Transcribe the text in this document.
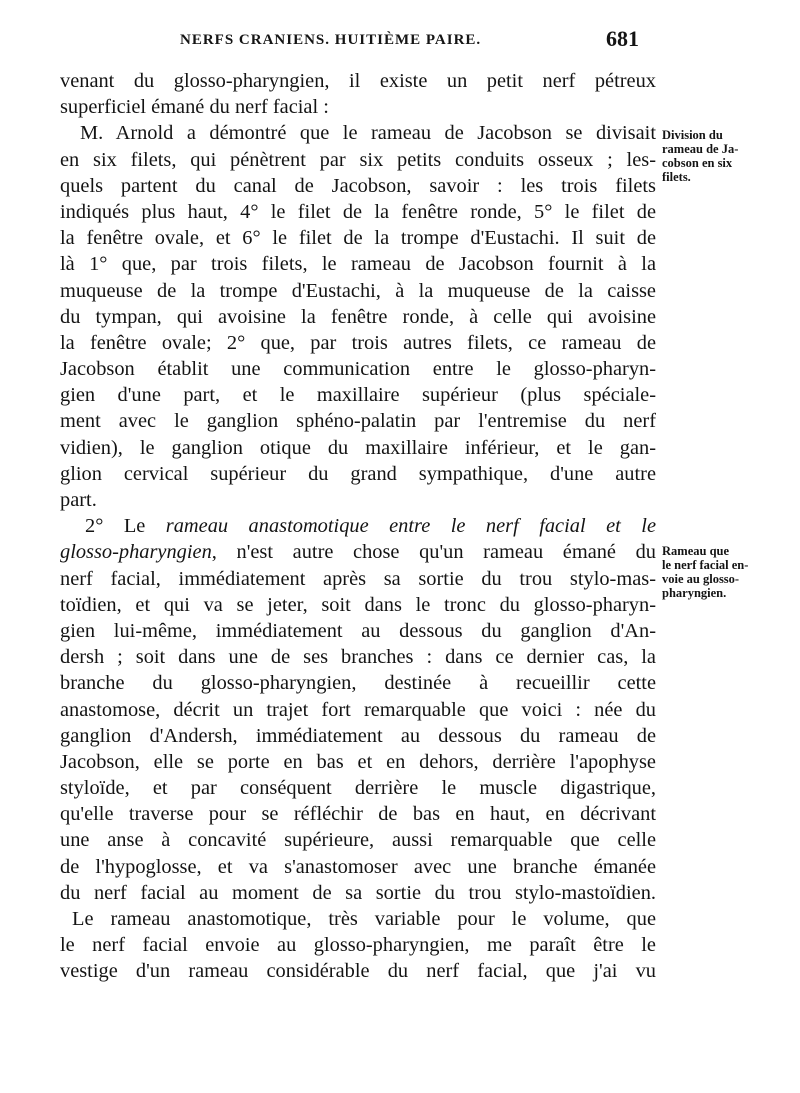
NERFS CRANIENS. HUITIÈME PAIRE.	681
venant du glosso-pharyngien, il existe un petit nerf pétreux
superficiel émané du nerf facial :
M. Arnold a démontré que le rameau de Jacobson se divisait
en six filets, qui pénètrent par six petits conduits osseux ; les-
quels partent du canal de Jacobson, savoir : les trois filets
indiqués plus haut, 4° le filet de la fenêtre ronde, 5° le filet de
la fenêtre ovale, et 6° le filet de la trompe d'Eustachi. Il suit de
là 1° que, par trois filets, le rameau de Jacobson fournit à la
muqueuse de la trompe d'Eustachi, à la muqueuse de la caisse
du tympan, qui avoisine la fenêtre ronde, à celle qui avoisine
la fenêtre ovale; 2° que, par trois autres filets, ce rameau de
Jacobson établit une communication entre le glosso-pharyn-
gien d'une part, et le maxillaire supérieur (plus spéciale-
ment avec le ganglion sphéno-palatin par l'entremise du nerf
vidien), le ganglion otique du maxillaire inférieur, et le gan-
glion cervical supérieur du grand sympathique, d'une autre
part.
2° Le rameau anastomotique entre le nerf facial et le
glosso-pharyngien, n'est autre chose qu'un rameau émané du
nerf facial, immédiatement après sa sortie du trou stylo-mas-
toïdien, et qui va se jeter, soit dans le tronc du glosso-pharyn-
gien lui-même, immédiatement au dessous du ganglion d'An-
dersh ; soit dans une de ses branches : dans ce dernier cas, la
branche du glosso-pharyngien, destinée à recueillir cette
anastomose, décrit un trajet fort remarquable que voici : née du
ganglion d'Andersh, immédiatement au dessous du rameau de
Jacobson, elle se porte en bas et en dehors, derrière l'apophyse
styloïde, et par conséquent derrière le muscle digastrique,
qu'elle traverse pour se réfléchir de bas en haut, en décrivant
une anse à concavité supérieure, aussi remarquable que celle
de l'hypoglosse, et va s'anastomoser avec une branche émanée
du nerf facial au moment de sa sortie du trou stylo-mastoïdien.
Le rameau anastomotique, très variable pour le volume, que
le nerf facial envoie au glosso-pharyngien, me paraît être le
vestige d'un rameau considérable du nerf facial, que j'ai vu
Division du
rameau de Ja-
cobson en six
filets.
Rameau que
le nerf facial en-
voie au glosso-
pharyngien.
